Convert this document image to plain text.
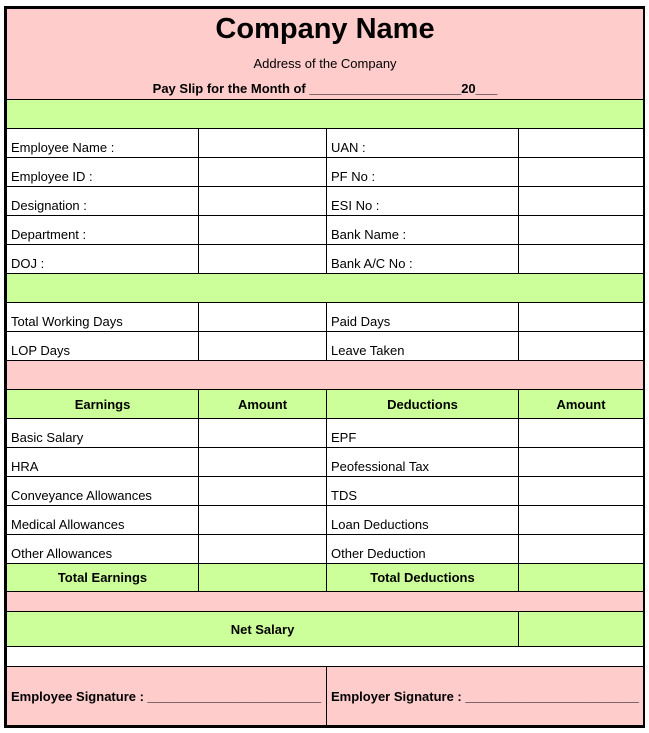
Company Name
Address of the Company
Pay Slip for the Month of _____________________20___			

Employee Name :		UAN :	
Employee ID :		PF No :	
Designation :		ESI No :	
Department :		Bank Name :	
DOJ :		Bank A/C No :	

Total Working Days		Paid Days	
LOP Days		Leave Taken	

Earnings	Amount	Deductions	Amount
Basic Salary		EPF	
HRA		Peofessional Tax	
Conveyance Allowances		TDS	
Medical Allowances		Loan Deductions	
Other Allowances		Other Deduction	
Total Earnings		Total Deductions	

Net Salary			

Employee Signature : ________________________		Employer Signature : ________________________	
